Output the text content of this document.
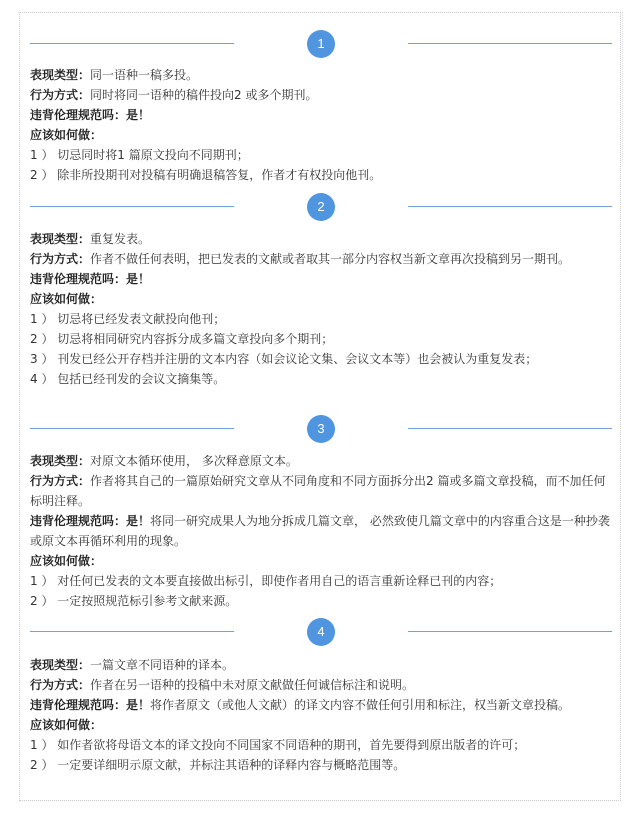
1

表现类型：同一语种一稿多投。

行为方式：同时将同一语种的稿件投向2 或多个期刊。

违背伦理规范吗：是！

应该如何做：

1 ） 切忌同时将1 篇原文投向不同期刊；

2 ） 除非所投期刊对投稿有明确退稿答复，作者才有权投向他刊。

2

表现类型：重复发表。

行为方式：作者不做任何表明，把已发表的文献或者取其一部分内容权当新文章再次投稿到另一期刊。

违背伦理规范吗：是！

应该如何做：

1 ） 切忌将已经发表文献投向他刊；

2 ） 切忌将相同研究内容拆分成多篇文章投向多个期刊；

3 ） 刊发已经公开存档并注册的文本内容（如会议论文集、会议文本等）也会被认为重复发表；

4 ） 包括已经刊发的会议文摘集等。

3

表现类型：对原文本循环使用， 多次释意原文本。

行为方式：作者将其自己的一篇原始研究文章从不同角度和不同方面拆分出2 篇或多篇文章投稿，而不加任何标明注释。

违背伦理规范吗：是！将同一研究成果人为地分拆成几篇文章， 必然致使几篇文章中的内容重合这是一种抄袭或原文本再循环利用的现象。

应该如何做：

1 ） 对任何已发表的文本要直接做出标引，即使作者用自己的语言重新诠释已刊的内容；

2 ） 一定按照规范标引参考文献来源。

4

表现类型：一篇文章不同语种的译本。

行为方式：作者在另一语种的投稿中未对原文献做任何诚信标注和说明。

违背伦理规范吗：是！将作者原文（或他人文献）的译文内容不做任何引用和标注，权当新文章投稿。

应该如何做：

1 ） 如作者欲将母语文本的译文投向不同国家不同语种的期刊，首先要得到原出版者的许可；

2 ） 一定要详细明示原文献，并标注其语种的译释内容与概略范围等。
